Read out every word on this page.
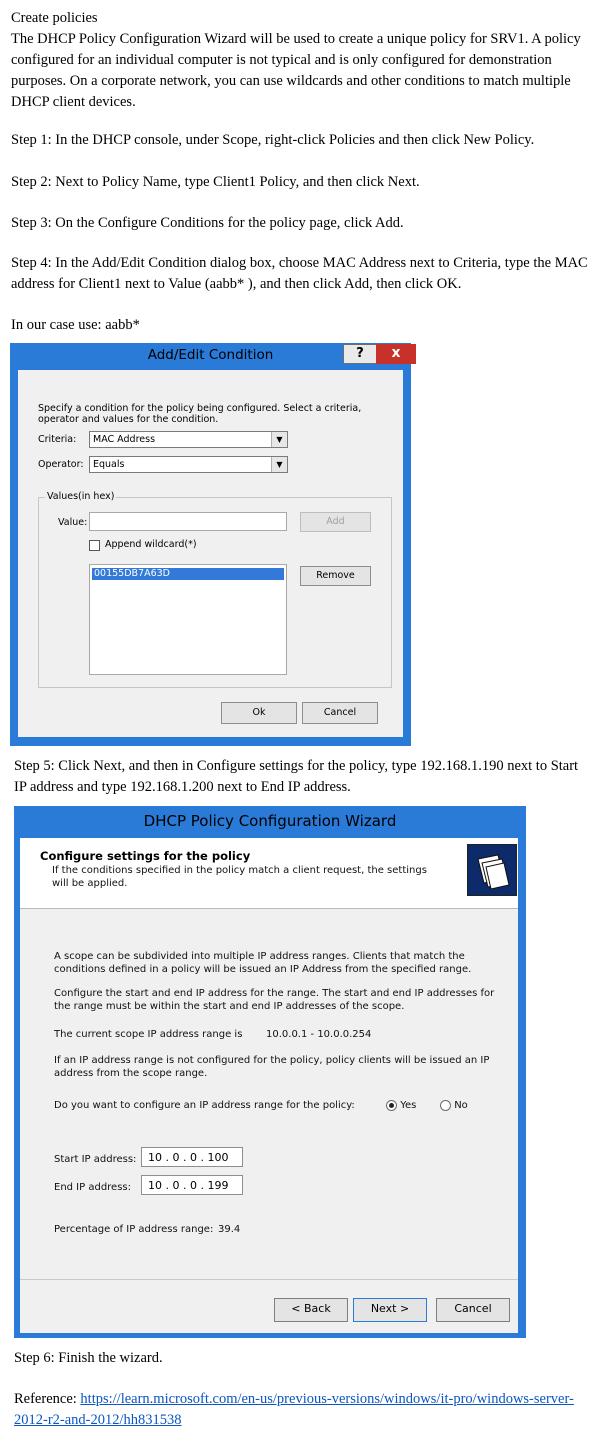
Create policies

The DHCP Policy Configuration Wizard will be used to create a unique policy for SRV1. A policy configured for an individual computer is not typical and is only configured for demonstration purposes. On a corporate network, you can use wildcards and other conditions to match multiple DHCP client devices.

Step 1: In the DHCP console, under Scope, right-click Policies and then click New Policy.

Step 2: Next to Policy Name, type Client1 Policy, and then click Next.

Step 3: On the Configure Conditions for the policy page, click Add.

Step 4: In the Add/Edit Condition dialog box, choose MAC Address next to Criteria, type the MAC address for Client1 next to Value (aabb* ), and then click Add, then click OK.

In our case use: aabb*

Add/Edit Condition	?	x
Specify a condition for the policy being configured. Select a criteria, operator and values for the condition.
Criteria: MAC Address	▼
Operator: Equals	▼
Values(in hex)
Value:	Add
Append wildcard(*)
00155DB7A63D	Remove
Ok	Cancel

Step 5: Click Next, and then in Configure settings for the policy, type 192.168.1.190 next to Start IP address and type 192.168.1.200 next to End IP address.

DHCP Policy Configuration Wizard
Configure settings for the policy
If the conditions specified in the policy match a client request, the settings will be applied.
A scope can be subdivided into multiple IP address ranges. Clients that match the conditions defined in a policy will be issued an IP Address from the specified range.
Configure the start and end IP address for the range. The start and end IP addresses for the range must be within the start and end IP addresses of the scope.
The current scope IP address range is 10.0.0.1 - 10.0.0.254
If an IP address range is not configured for the policy, policy clients will be issued an IP address from the scope range.
Do you want to configure an IP address range for the policy:	Yes	No
Start IP address:	10 . 0 . 0 . 100
End IP address:	10 . 0 . 0 . 199
Percentage of IP address range: 39.4
< Back	Next >	Cancel

Step 6: Finish the wizard.

Reference: https://learn.microsoft.com/en-us/previous-versions/windows/it-pro/windows-server-2012-r2-and-2012/hh831538
